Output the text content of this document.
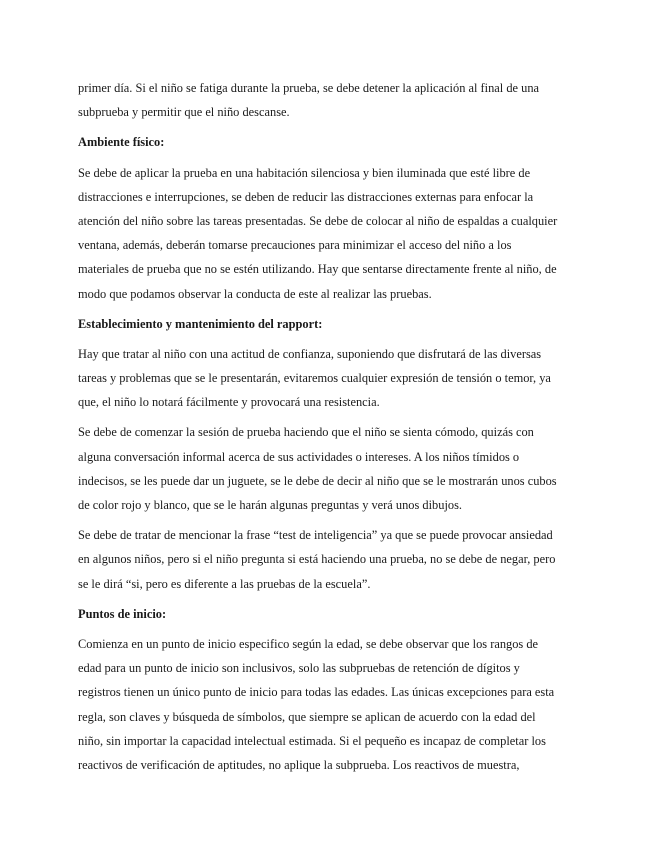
primer día. Si el niño se fatiga durante la prueba, se debe detener la aplicación al final de una
subprueba y permitir que el niño descanse.
Ambiente físico:
Se debe de aplicar la prueba en una habitación silenciosa y bien iluminada que esté libre de
distracciones e interrupciones, se deben de reducir las distracciones externas para enfocar la
atención del niño sobre las tareas presentadas. Se debe de colocar al niño de espaldas a cualquier
ventana, además, deberán tomarse precauciones para minimizar el acceso del niño a los
materiales de prueba que no se estén utilizando. Hay que sentarse directamente frente al niño, de
modo que podamos observar la conducta de este al realizar las pruebas.
Establecimiento y mantenimiento del rapport:
Hay que tratar al niño con una actitud de confianza, suponiendo que disfrutará de las diversas
tareas y problemas que se le presentarán, evitaremos cualquier expresión de tensión o temor, ya
que, el niño lo notará fácilmente y provocará una resistencia.
Se debe de comenzar la sesión de prueba haciendo que el niño se sienta cómodo, quizás con
alguna conversación informal acerca de sus actividades o intereses. A los niños tímidos o
indecisos, se les puede dar un juguete, se le debe de decir al niño que se le mostrarán unos cubos
de color rojo y blanco, que se le harán algunas preguntas y verá unos dibujos.
Se debe de tratar de mencionar la frase “test de inteligencia” ya que se puede provocar ansiedad
en algunos niños, pero si el niño pregunta si está haciendo una prueba, no se debe de negar, pero
se le dirá “si, pero es diferente a las pruebas de la escuela”.
Puntos de inicio:
Comienza en un punto de inicio especifico según la edad, se debe observar que los rangos de
edad para un punto de inicio son inclusivos, solo las subpruebas de retención de dígitos y
registros tienen un único punto de inicio para todas las edades. Las únicas excepciones para esta
regla, son claves y búsqueda de símbolos, que siempre se aplican de acuerdo con la edad del
niño, sin importar la capacidad intelectual estimada. Si el pequeño es incapaz de completar los
reactivos de verificación de aptitudes, no aplique la subprueba. Los reactivos de muestra,
